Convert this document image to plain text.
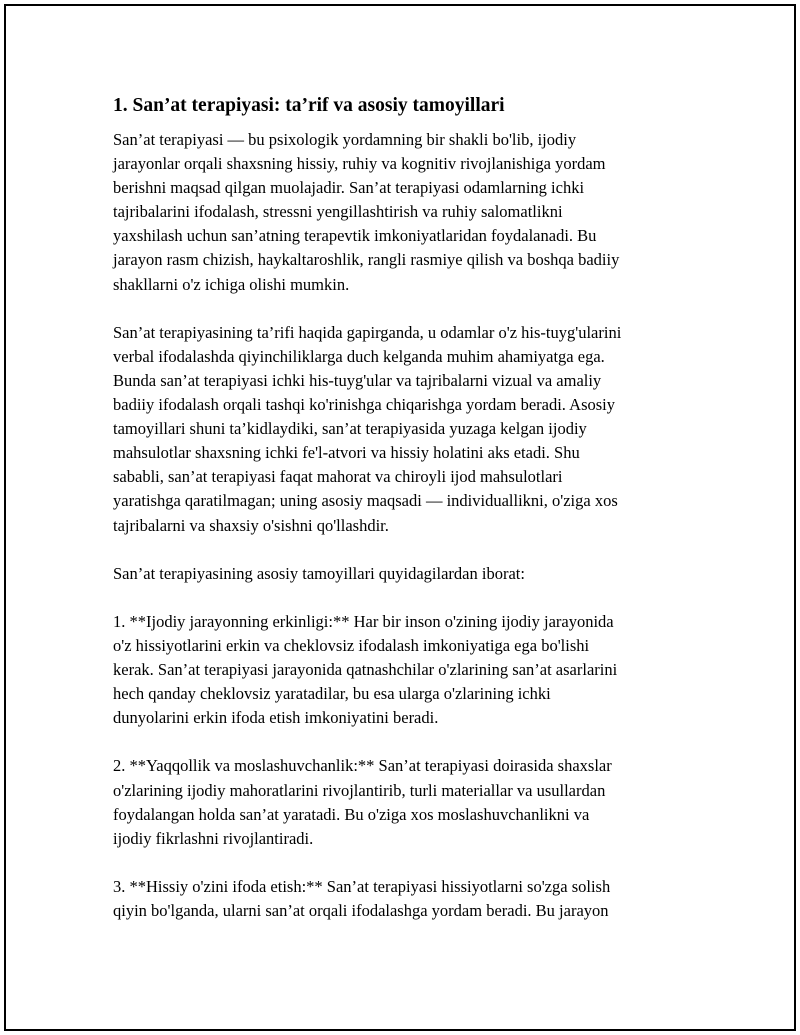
1. San’at terapiyasi: ta’rif va asosiy tamoyillari

San’at terapiyasi — bu psixologik yordamning bir shakli bo'lib, ijodiy
jarayonlar orqali shaxsning hissiy, ruhiy va kognitiv rivojlanishiga yordam
berishni maqsad qilgan muolajadir. San’at terapiyasi odamlarning ichki
tajribalarini ifodalash, stressni yengillashtirish va ruhiy salomatlikni
yaxshilash uchun san’atning terapevtik imkoniyatlaridan foydalanadi. Bu
jarayon rasm chizish, haykaltaroshlik, rangli rasmiye qilish va boshqa badiiy
shakllarni o'z ichiga olishi mumkin.

San’at terapiyasining ta’rifi haqida gapirganda, u odamlar o'z his-tuyg'ularini
verbal ifodalashda qiyinchiliklarga duch kelganda muhim ahamiyatga ega.
Bunda san’at terapiyasi ichki his-tuyg'ular va tajribalarni vizual va amaliy
badiiy ifodalash orqali tashqi ko'rinishga chiqarishga yordam beradi. Asosiy
tamoyillari shuni ta’kidlaydiki, san’at terapiyasida yuzaga kelgan ijodiy
mahsulotlar shaxsning ichki fe'l-atvori va hissiy holatini aks etadi. Shu
sababli, san’at terapiyasi faqat mahorat va chiroyli ijod mahsulotlari
yaratishga qaratilmagan; uning asosiy maqsadi — individuallikni, o'ziga xos
tajribalarni va shaxsiy o'sishni qo'llashdir.

San’at terapiyasining asosiy tamoyillari quyidagilardan iborat:

1. **Ijodiy jarayonning erkinligi:** Har bir inson o'zining ijodiy jarayonida
o'z hissiyotlarini erkin va cheklovsiz ifodalash imkoniyatiga ega bo'lishi
kerak. San’at terapiyasi jarayonida qatnashchilar o'zlarining san’at asarlarini
hech qanday cheklovsiz yaratadilar, bu esa ularga o'zlarining ichki
dunyolarini erkin ifoda etish imkoniyatini beradi.

2. **Yaqqollik va moslashuvchanlik:** San’at terapiyasi doirasida shaxslar
o'zlarining ijodiy mahoratlarini rivojlantirib, turli materiallar va usullardan
foydalangan holda san’at yaratadi. Bu o'ziga xos moslashuvchanlikni va
ijodiy fikrlashni rivojlantiradi.

3. **Hissiy o'zini ifoda etish:** San’at terapiyasi hissiyotlarni so'zga solish
qiyin bo'lganda, ularni san’at orqali ifodalashga yordam beradi. Bu jarayon
